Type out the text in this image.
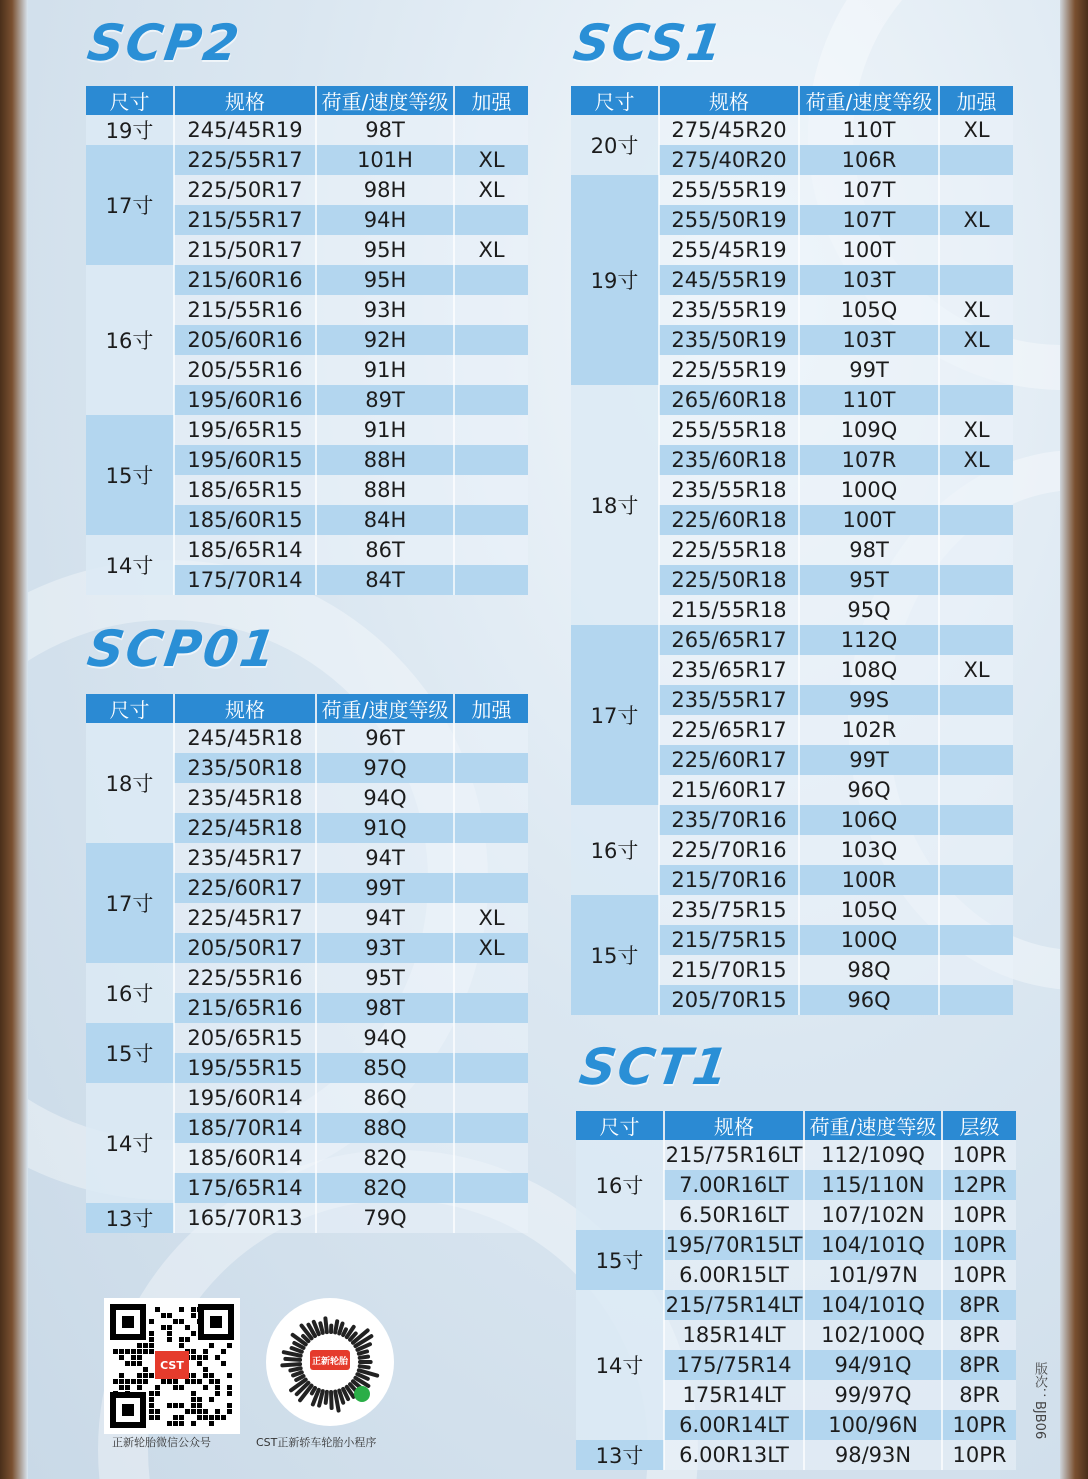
SCP2
尺寸	规格	荷重/速度等级	加强
19寸	245/45R19	98T	
17寸	225/55R17	101H	XL
	225/50R17	98H	XL
	215/55R17	94H	
	215/50R17	95H	XL
16寸	215/60R16	95H	
	215/55R16	93H	
	205/60R16	92H	
	205/55R16	91H	
	195/60R16	89T	
15寸	195/65R15	91H	
	195/60R15	88H	
	185/65R15	88H	
	185/60R15	84H	
14寸	185/65R14	86T	
	175/70R14	84T	
SCP01
尺寸	规格	荷重/速度等级	加强
18寸	245/45R18	96T	
	235/50R18	97Q	
	235/45R18	94Q	
	225/45R18	91Q	
17寸	235/45R17	94T	
	225/60R17	99T	
	225/45R17	94T	XL
	205/50R17	93T	XL
16寸	225/55R16	95T	
	215/65R16	98T	
15寸	205/65R15	94Q	
	195/55R15	85Q	
14寸	195/60R14	86Q	
	185/70R14	88Q	
	185/60R14	82Q	
	175/65R14	82Q	
13寸	165/70R13	79Q	
SCS1
尺寸	规格	荷重/速度等级	加强
20寸	275/45R20	110T	XL
	275/40R20	106R	
19寸	255/55R19	107T	
	255/50R19	107T	XL
	255/45R19	100T	
	245/55R19	103T	
	235/55R19	105Q	XL
	235/50R19	103T	XL
	225/55R19	99T	
18寸	265/60R18	110T	
	255/55R18	109Q	XL
	235/60R18	107R	XL
	235/55R18	100Q	
	225/60R18	100T	
	225/55R18	98T	
	225/50R18	95T	
	215/55R18	95Q	
17寸	265/65R17	112Q	
	235/65R17	108Q	XL
	235/55R17	99S	
	225/65R17	102R	
	225/60R17	99T	
	215/60R17	96Q	
16寸	235/70R16	106Q	
	225/70R16	103Q	
	215/70R16	100R	
15寸	235/75R15	105Q	
	215/75R15	100Q	
	215/70R15	98Q	
	205/70R15	96Q	
SCT1
尺寸	规格	荷重/速度等级	层级
16寸	215/75R16LT	112/109Q	10PR
	7.00R16LT	115/110N	12PR
	6.50R16LT	107/102N	10PR
15寸	195/70R15LT	104/101Q	10PR
	6.00R15LT	101/97N	10PR
14寸	215/75R14LT	104/101Q	8PR
	185R14LT	102/100Q	8PR
	175/75R14	94/91Q	8PR
	175R14LT	99/97Q	8PR
	6.00R14LT	100/96N	10PR
13寸	6.00R13LT	98/93N	10PR
CST
正新轮胎微信公众号
正新轮胎
CST正新轿车轮胎小程序
版次：BJB06
